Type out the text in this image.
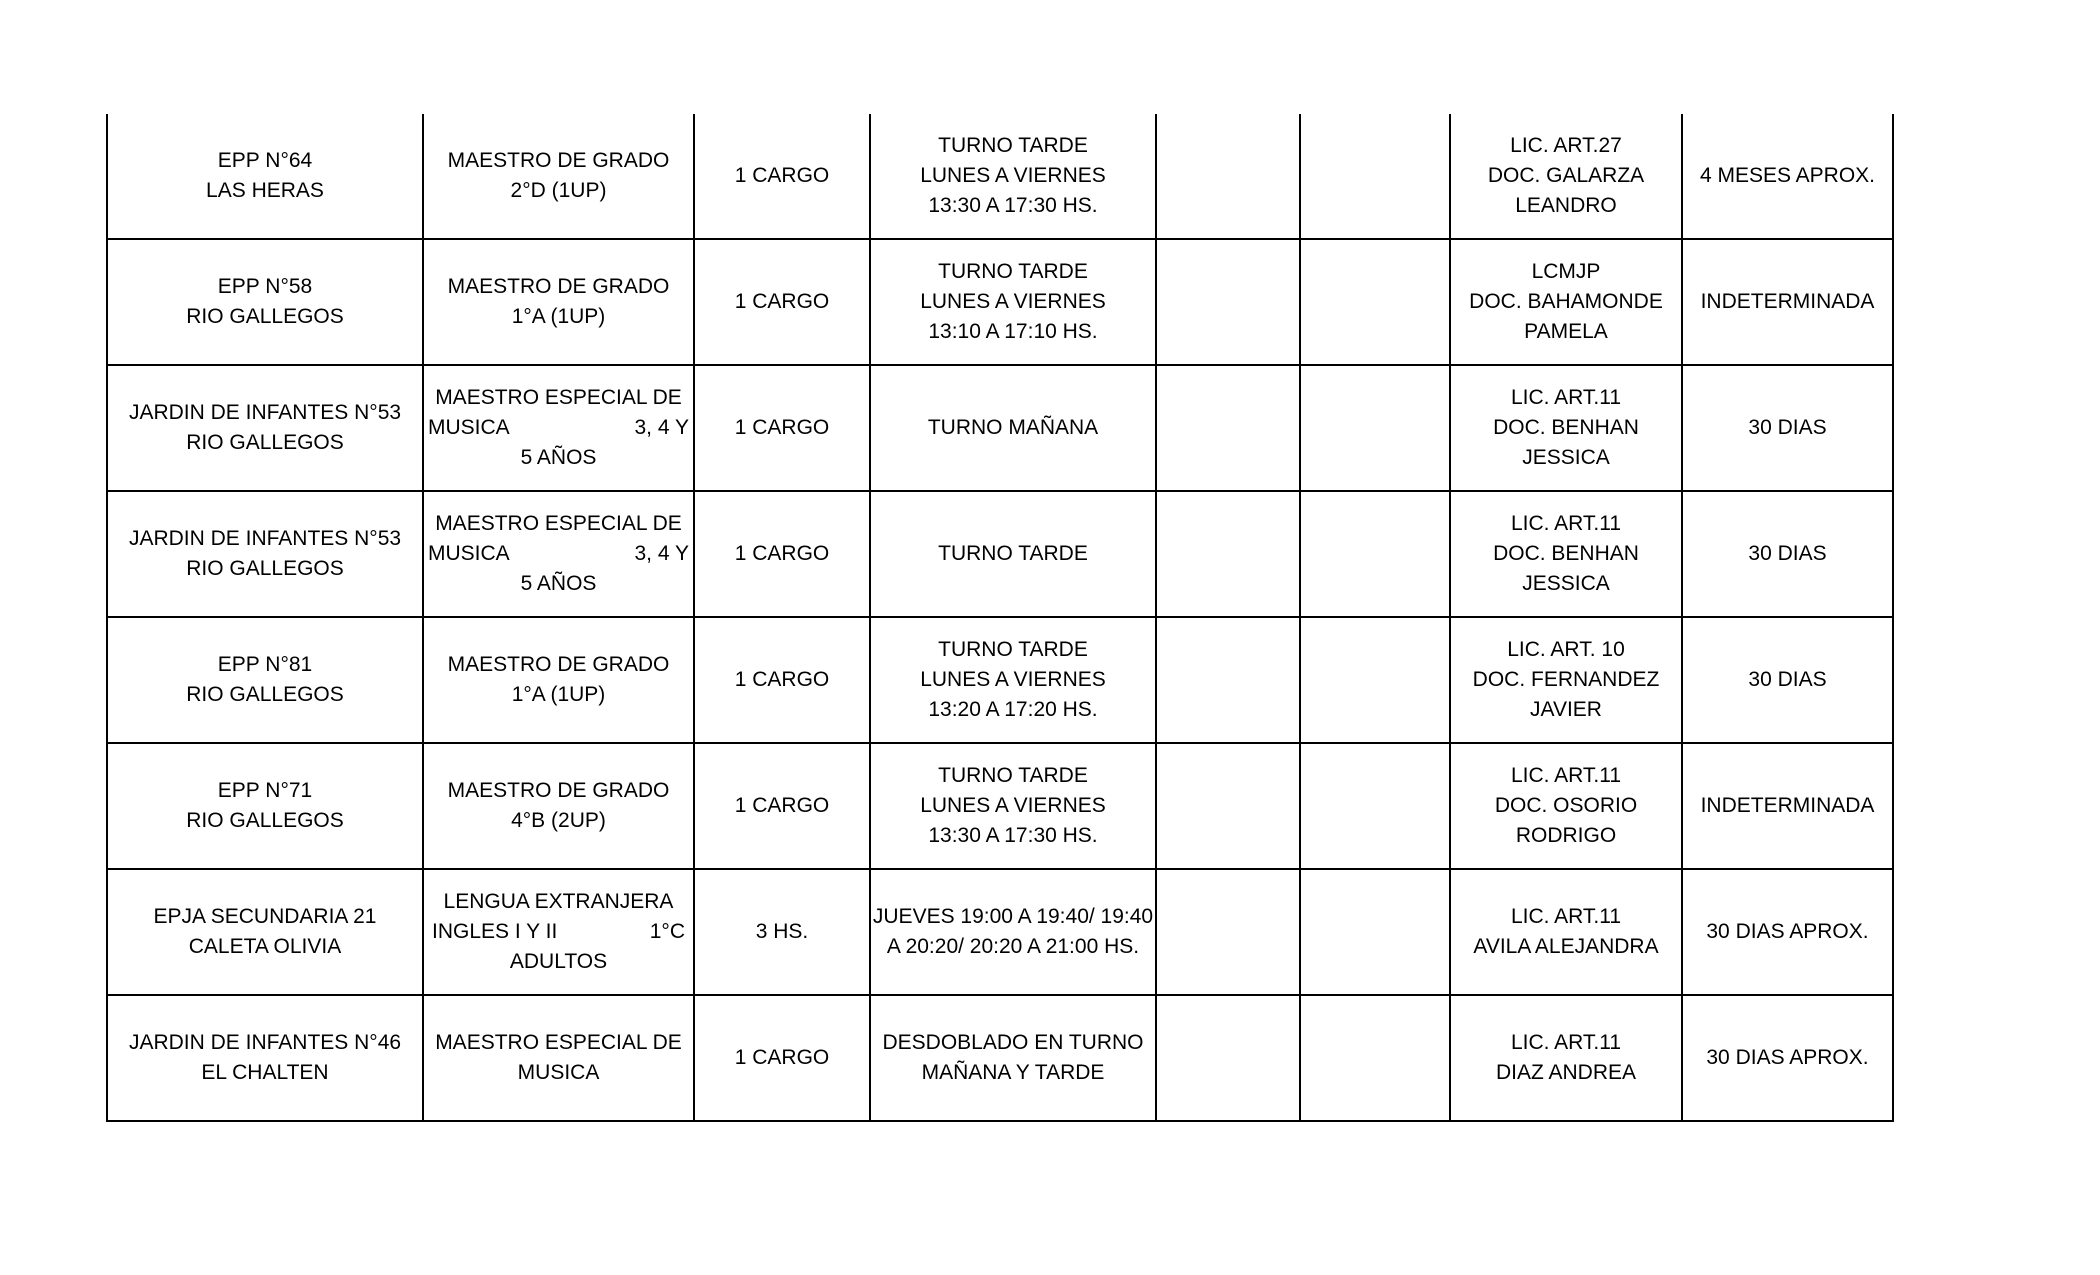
EPP N°64
LAS HERAS	MAESTRO DE GRADO
2°D (1UP)	1 CARGO	TURNO TARDE
LUNES A VIERNES
13:30 A 17:30 HS.			LIC. ART.27
DOC. GALARZA
LEANDRO	4 MESES APROX.

EPP N°58
RIO GALLEGOS	MAESTRO DE GRADO
1°A (1UP)	1 CARGO	TURNO TARDE
LUNES A VIERNES
13:10 A 17:10 HS.			LCMJP
DOC. BAHAMONDE
PAMELA	INDETERMINADA

JARDIN DE INFANTES N°53
RIO GALLEGOS	MAESTRO ESPECIAL DE
MUSICA 3, 4 Y
5 AÑOS	1 CARGO	TURNO MAÑANA			LIC. ART.11
DOC. BENHAN JESSICA	30 DIAS

JARDIN DE INFANTES N°53
RIO GALLEGOS	MAESTRO ESPECIAL DE
MUSICA 3, 4 Y
5 AÑOS	1 CARGO	TURNO TARDE			LIC. ART.11
DOC. BENHAN JESSICA	30 DIAS

EPP N°81
RIO GALLEGOS	MAESTRO DE GRADO
1°A (1UP)	1 CARGO	TURNO TARDE
LUNES A VIERNES
13:20 A 17:20 HS.			LIC. ART. 10
DOC. FERNANDEZ
JAVIER	30 DIAS

EPP N°71
RIO GALLEGOS	MAESTRO DE GRADO
4°B (2UP)	1 CARGO	TURNO TARDE
LUNES A VIERNES
13:30 A 17:30 HS.			LIC. ART.11
DOC. OSORIO
RODRIGO	INDETERMINADA

EPJA SECUNDARIA 21
CALETA OLIVIA	LENGUA EXTRANJERA
INGLES I Y II 1°C
ADULTOS	3 HS.	JUEVES 19:00 A 19:40/ 19:40
A 20:20/ 20:20 A 21:00 HS.			LIC. ART.11
AVILA ALEJANDRA	30 DIAS APROX.

JARDIN DE INFANTES N°46
EL CHALTEN	MAESTRO ESPECIAL DE
MUSICA	1 CARGO	DESDOBLADO EN TURNO
MAÑANA Y TARDE			LIC. ART.11
DIAZ ANDREA	30 DIAS APROX.
